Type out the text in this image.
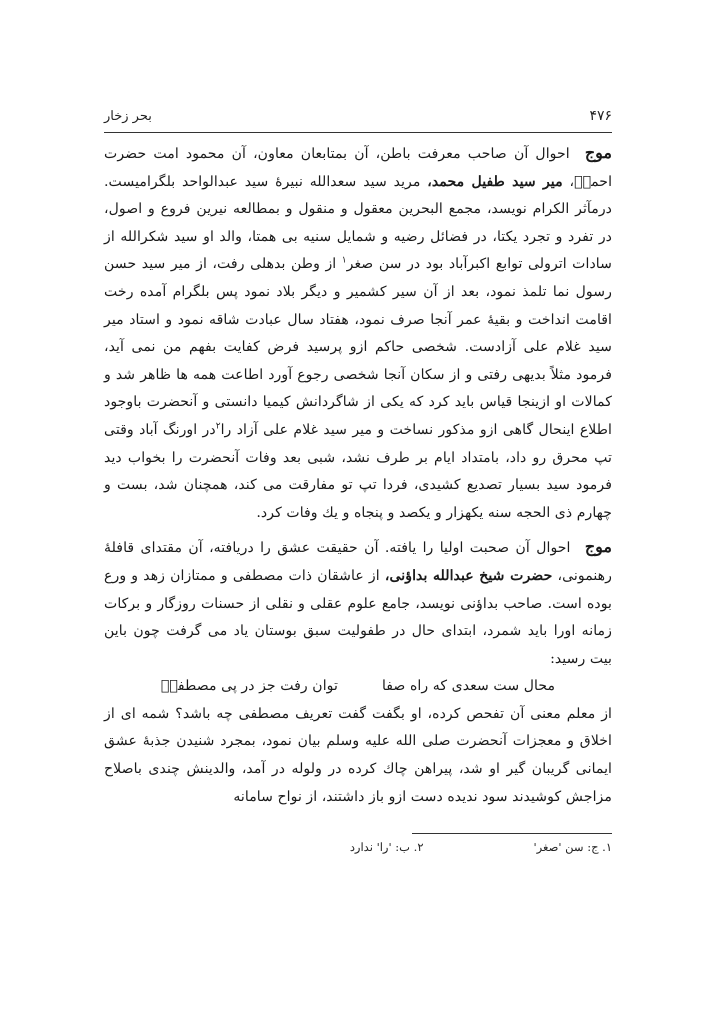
۴۷۶
بحر زخار

موج احوال آن صاحب معرفت باطن، آن بمتابعان معاون، آن محمود امت حضرت احمدؐ، میر سید طفیل محمد، مرید سید سعدالله نبیرهٔ سید عبدالواحد بلگرامیست. درمآثر الکرام نویسد، مجمع البحرین معقول و منقول و بمطالعه نیرین فروع و اصول، در تفرد و تجرد یکتا، در فضائل رضیه و شمایل سنیه بی همتا، والد او سید شکرالله از سادات اترولی توابع اکبرآباد بود در سن صغر$^۱$ از وطن بدهلی رفت، از میر سید حسن رسول نما تلمذ نمود، بعد از آن سیر کشمیر و دیگر بلاد نمود پس بلگرام آمده رخت اقامت انداخت و بقیهٔ عمر آنجا صرف نمود، هفتاد سال عبادت شاقه نمود و استاد میر سید غلام علی آزادست. شخصی حاکم ازو پرسید فرض کفایت بفهم من نمی آید، فرمود مثلاً بدیهی رفتی و از سکان آنجا شخصی رجوع آورد اطاعت همه ها ظاهر شد و کمالات او ازینجا قیاس باید کرد که یکی از شاگردانش کیمیا دانستی و آنحضرت باوجود اطلاع اینحال گاهی ازو مذکور نساخت و میر سید غلام علی آزاد را$^۲$در اورنگ آباد وقتی تپ محرق رو داد، بامتداد ایام بر طرف نشد، شبی بعد وفات آنحضرت را بخواب دید فرمود سید بسیار تصدیع کشیدی، فردا تپ تو مفارقت می کند، همچنان شد، بست و چهارم ذی الحجه سنه یکهزار و یکصد و پنجاه و یك وفات کرد.

موج احوال آن صحبت اولیا را یافته. آن حقیقت عشق را دریافته، آن مقتدای قافلهٔ رهنمونی، حضرت شیخ عبدالله بداؤنی، از عاشقان ذات مصطفی و ممتازان زهد و ورع بوده است. صاحب بداؤنی نویسد، جامع علوم عقلی و نقلی از حسنات روزگار و برکات زمانه اورا باید شمرد، ابتدای حال در طفولیت سبق بوستان یاد می گرفت چون باین بیت رسید:

محال ست سعدی که راه صفا
توان رفت جز در پی مصطفیؐ

از معلم معنی آن تفحص کرده، او بگفت گفت تعریف مصطفی چه باشد؟ شمه ای از اخلاق و معجزات آنحضرت صلی الله علیه وسلم بیان نمود، بمجرد شنیدن جذبهٔ عشق ایمانی گریبان گیر او شد، پیراهن چاك كرده در ولوله در آمد، والدینش چندی باصلاح مزاجش کوشیدند سود ندیده دست ازو باز داشتند، از نواح سامانه

۱. ج: سن 'صغر'
۲. ب: 'را' ندارد
